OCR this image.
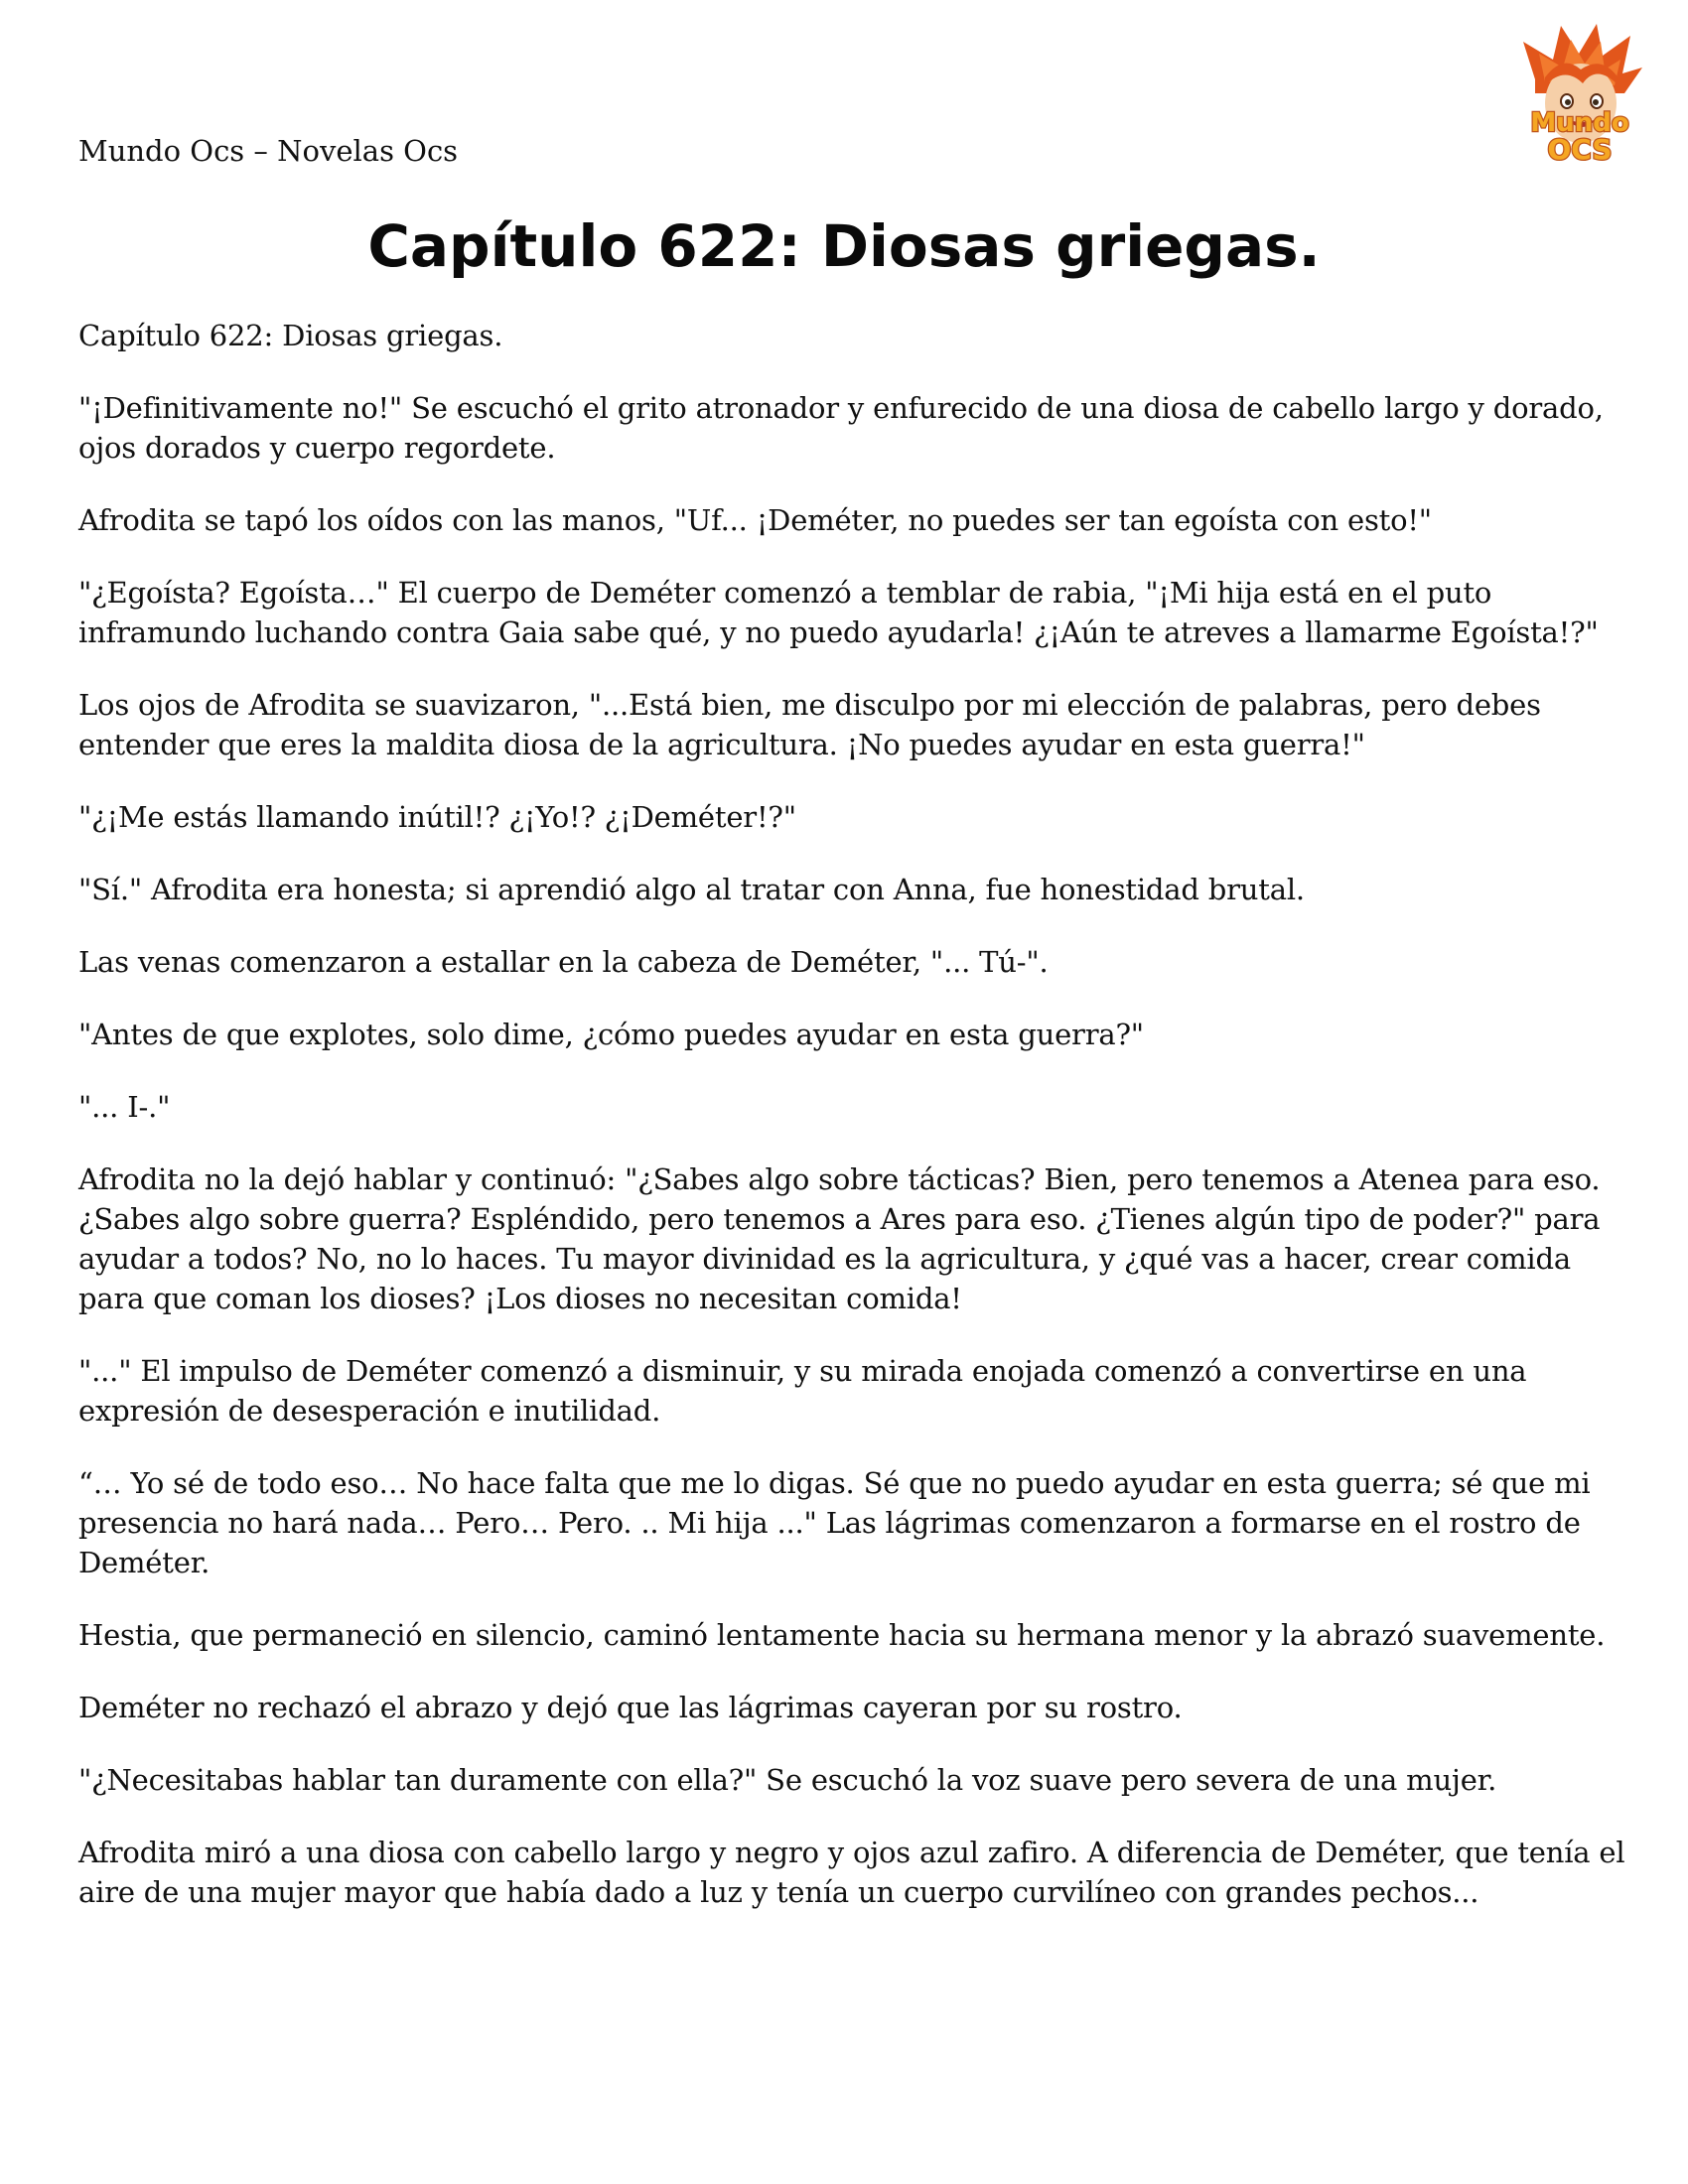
Mundo Ocs – Novelas Ocs
Mundo
OCS
Capítulo 622: Diosas griegas.

Capítulo 622: Diosas griegas.

"¡Definitivamente no!" Se escuchó el grito atronador y enfurecido de una diosa de cabello largo y dorado, ojos dorados y cuerpo regordete.

Afrodita se tapó los oídos con las manos, "Uf... ¡Deméter, no puedes ser tan egoísta con esto!"

"¿Egoísta? Egoísta…" El cuerpo de Deméter comenzó a temblar de rabia, "¡Mi hija está en el puto inframundo luchando contra Gaia sabe qué, y no puedo ayudarla! ¿¡Aún te atreves a llamarme Egoísta!?"

Los ojos de Afrodita se suavizaron, "...Está bien, me disculpo por mi elección de palabras, pero debes entender que eres la maldita diosa de la agricultura. ¡No puedes ayudar en esta guerra!"

"¿¡Me estás llamando inútil!? ¿¡Yo!? ¿¡Deméter!?"

"Sí." Afrodita era honesta; si aprendió algo al tratar con Anna, fue honestidad brutal.

Las venas comenzaron a estallar en la cabeza de Deméter, "... Tú-".

"Antes de que explotes, solo dime, ¿cómo puedes ayudar en esta guerra?"

"... I-."

Afrodita no la dejó hablar y continuó: "¿Sabes algo sobre tácticas? Bien, pero tenemos a Atenea para eso. ¿Sabes algo sobre guerra? Espléndido, pero tenemos a Ares para eso. ¿Tienes algún tipo de poder?" para ayudar a todos? No, no lo haces. Tu mayor divinidad es la agricultura, y ¿qué vas a hacer, crear comida para que coman los dioses? ¡Los dioses no necesitan comida!

"..." El impulso de Deméter comenzó a disminuir, y su mirada enojada comenzó a convertirse en una expresión de desesperación e inutilidad.

“… Yo sé de todo eso… No hace falta que me lo digas. Sé que no puedo ayudar en esta guerra; sé que mi presencia no hará nada… Pero… Pero. .. Mi hija ..." Las lágrimas comenzaron a formarse en el rostro de Deméter.

Hestia, que permaneció en silencio, caminó lentamente hacia su hermana menor y la abrazó suavemente.

Deméter no rechazó el abrazo y dejó que las lágrimas cayeran por su rostro.

"¿Necesitabas hablar tan duramente con ella?" Se escuchó la voz suave pero severa de una mujer.

Afrodita miró a una diosa con cabello largo y negro y ojos azul zafiro. A diferencia de Deméter, que tenía el aire de una mujer mayor que había dado a luz y tenía un cuerpo curvilíneo con grandes pechos...
